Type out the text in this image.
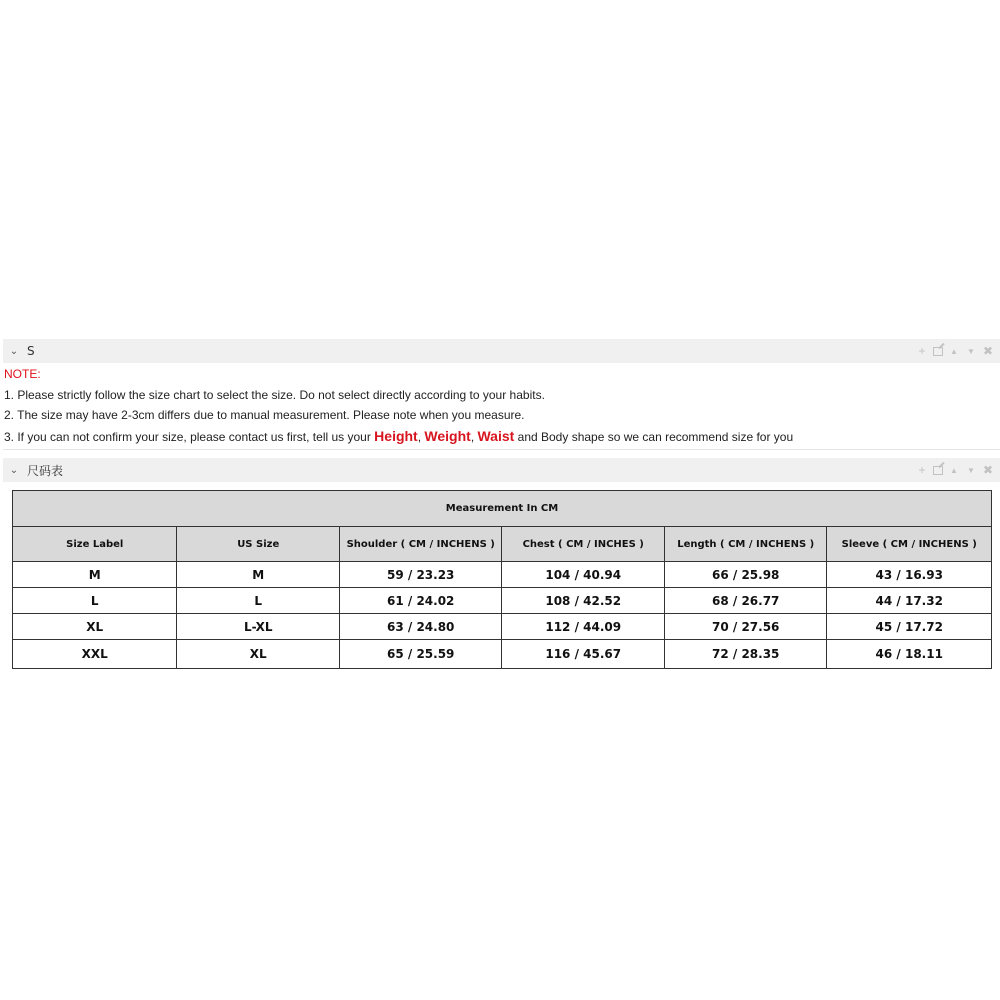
⌄ S	+	▲ ▼ ✖
NOTE:
1. Please strictly follow the size chart to select the size. Do not select directly according to your habits.
2. The size may have 2-3cm differs due to manual measurement. Please note when you measure.
3. If you can not confirm your size, please contact us first, tell us your Height, Weight, Waist and Body shape so we can recommend size for you
⌄ 尺码表	+	▲ ▼ ✖
Measurement In CM					
Size Label	US Size	Shoulder ( CM / INCHENS )	Chest ( CM / INCHES )	Length ( CM / INCHENS )	Sleeve ( CM / INCHENS )
M	M	59 / 23.23	104 / 40.94	66 / 25.98	43 / 16.93
L	L	61 / 24.02	108 / 42.52	68 / 26.77	44 / 17.32
XL	L-XL	63 / 24.80	112 / 44.09	70 / 27.56	45 / 17.72
XXL	XL	65 / 25.59	116 / 45.67	72 / 28.35	46 / 18.11
